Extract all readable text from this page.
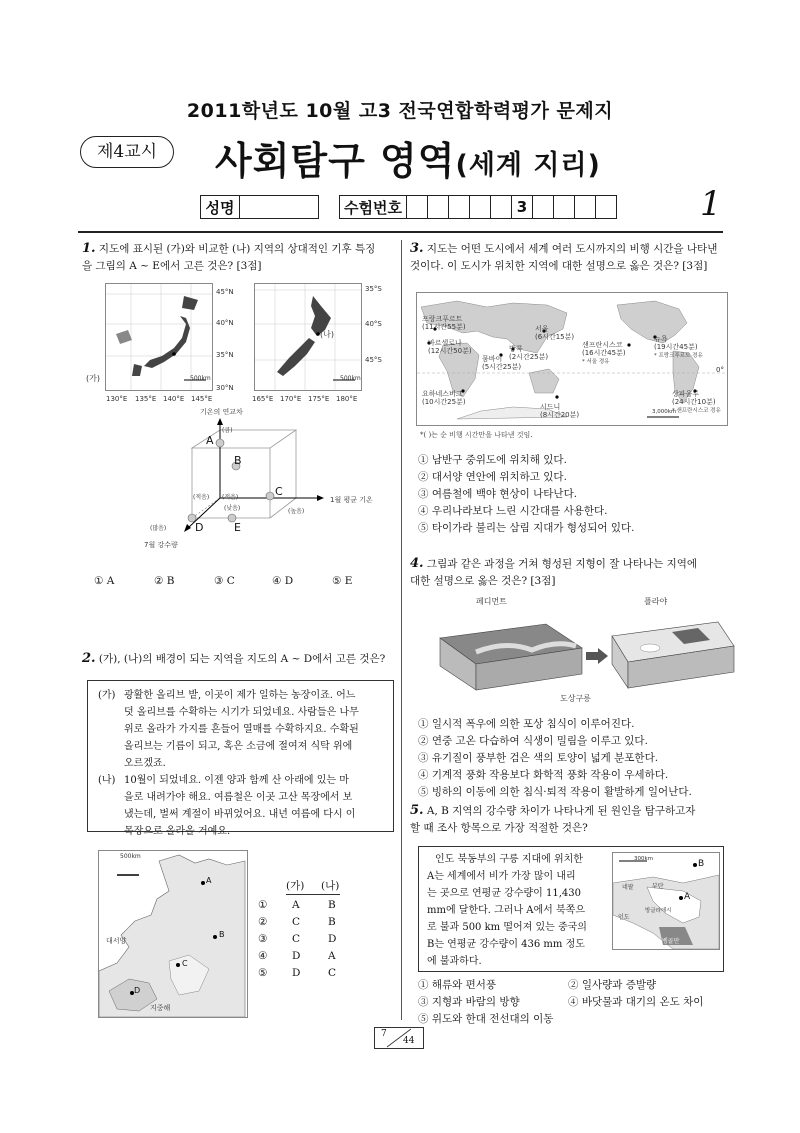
2011학년도 10월 고3 전국연합학력평가 문제지
제4교시	사회탐구 영역(세계 지리)
성명			수험번호						3					1
1. 지도에 표시된 (가)와 비교한 (나) 지역의 상대적인 기후 특징
을 그림의 A ~ E에서 고른 것은? [3점]
(가)
45°N
40°N
35°N
30°N
130°E 135°E 140°E 145°E
500km
(나)
35°S
40°S
45°S
165°E 170°E 175°E 180°E
500km
기온의 연교차
(큼)
A
B
C
D	E
1월 평균 기온
(높음)
(많음)
7월 강수량
(적음) (적음)
(낮음)
① A	② B	③ C	④ D	⑤ E
2. (가), (나)의 배경이 되는 지역을 지도의 A ~ D에서 고른 것은?
(가) 광활한 올리브 밭, 이곳이 제가 일하는 농장이죠. 어느
덧 올리브를 수확하는 시기가 되었네요. 사람들은 나무
위로 올라가 가지를 흔들어 열매를 수확하지요. 수확된
올리브는 기름이 되고, 혹은 소금에 절여져 식탁 위에
오르겠죠.
(나) 10월이 되었네요. 이젠 양과 함께 산 아래에 있는 마
을로 내려가야 해요. 여름철은 이곳 고산 목장에서 보
냈는데, 벌써 계절이 바뀌었어요. 내년 여름에 다시 이
목장으로 올라올 거예요.
500km
A
B
C
D
대서양
지중해
(가) (나)
① A	B
② C	B
③ C	D
④ D	A
⑤ D	C
3. 지도는 어떤 도시에서 세계 여러 도시까지의 비행 시간을 나타낸
것이다. 이 도시가 위치한 지역에 대한 설명으로 옳은 것은? [3점]
프랑크푸르트
(11시간55분)
바르셀로나
(12시간50분)
서울
(6시간15분)
방콕
(2시간25분)
뭄바이
(5시간25분)
샌프란시스코
(16시간45분)
* 서울 경유
뉴욕
(19시간45분)
* 프랑크푸르트 경유
요하네스버그
(10시간25분)
시드니
(8시간20분)
상파울루
(24시간10분)
* 샌프란시스코 경유
0°
3,000km
*( )는 순 비행 시간만을 나타낸 것임.
① 남반구 중위도에 위치해 있다.
② 대서양 연안에 위치하고 있다.
③ 여름철에 백야 현상이 나타난다.
④ 우리나라보다 느린 시간대를 사용한다.
⑤ 타이가라 불리는 삼림 지대가 형성되어 있다.
4. 그림과 같은 과정을 거쳐 형성된 지형이 잘 나타나는 지역에
대한 설명으로 옳은 것은? [3점]
페디먼트	플라야
도상구릉
① 일시적 폭우에 의한 포상 침식이 이루어진다.
② 연중 고온 다습하여 식생이 밀림을 이루고 있다.
③ 유기질이 풍부한 검은 색의 토양이 넓게 분포한다.
④ 기계적 풍화 작용보다 화학적 풍화 작용이 우세하다.
⑤ 빙하의 이동에 의한 침식·퇴적 작용이 활발하게 일어난다.
5. A, B 지역의 강수량 차이가 나타나게 된 원인을 탐구하고자
할 때 조사 항목으로 가장 적절한 것은?
인도 북동부의 구릉 지대에 위치한
A는 세계에서 비가 가장 많이 내리
는 곳으로 연평균 강수량이 11,430
mm에 달한다. 그러나 A에서 북쪽으
로 불과 500 km 떨어져 있는 중국의
B는 연평균 강수량이 436 mm 정도
에 불과하다.
300km	B
A
네팔	부탄
인도
방글라데시
벵골만
① 해류와 편서풍	② 일사량과 증발량
③ 지형과 바람의 방향	④ 바닷물과 대기의 온도 차이
⑤ 위도와 한대 전선대의 이동
7
44
